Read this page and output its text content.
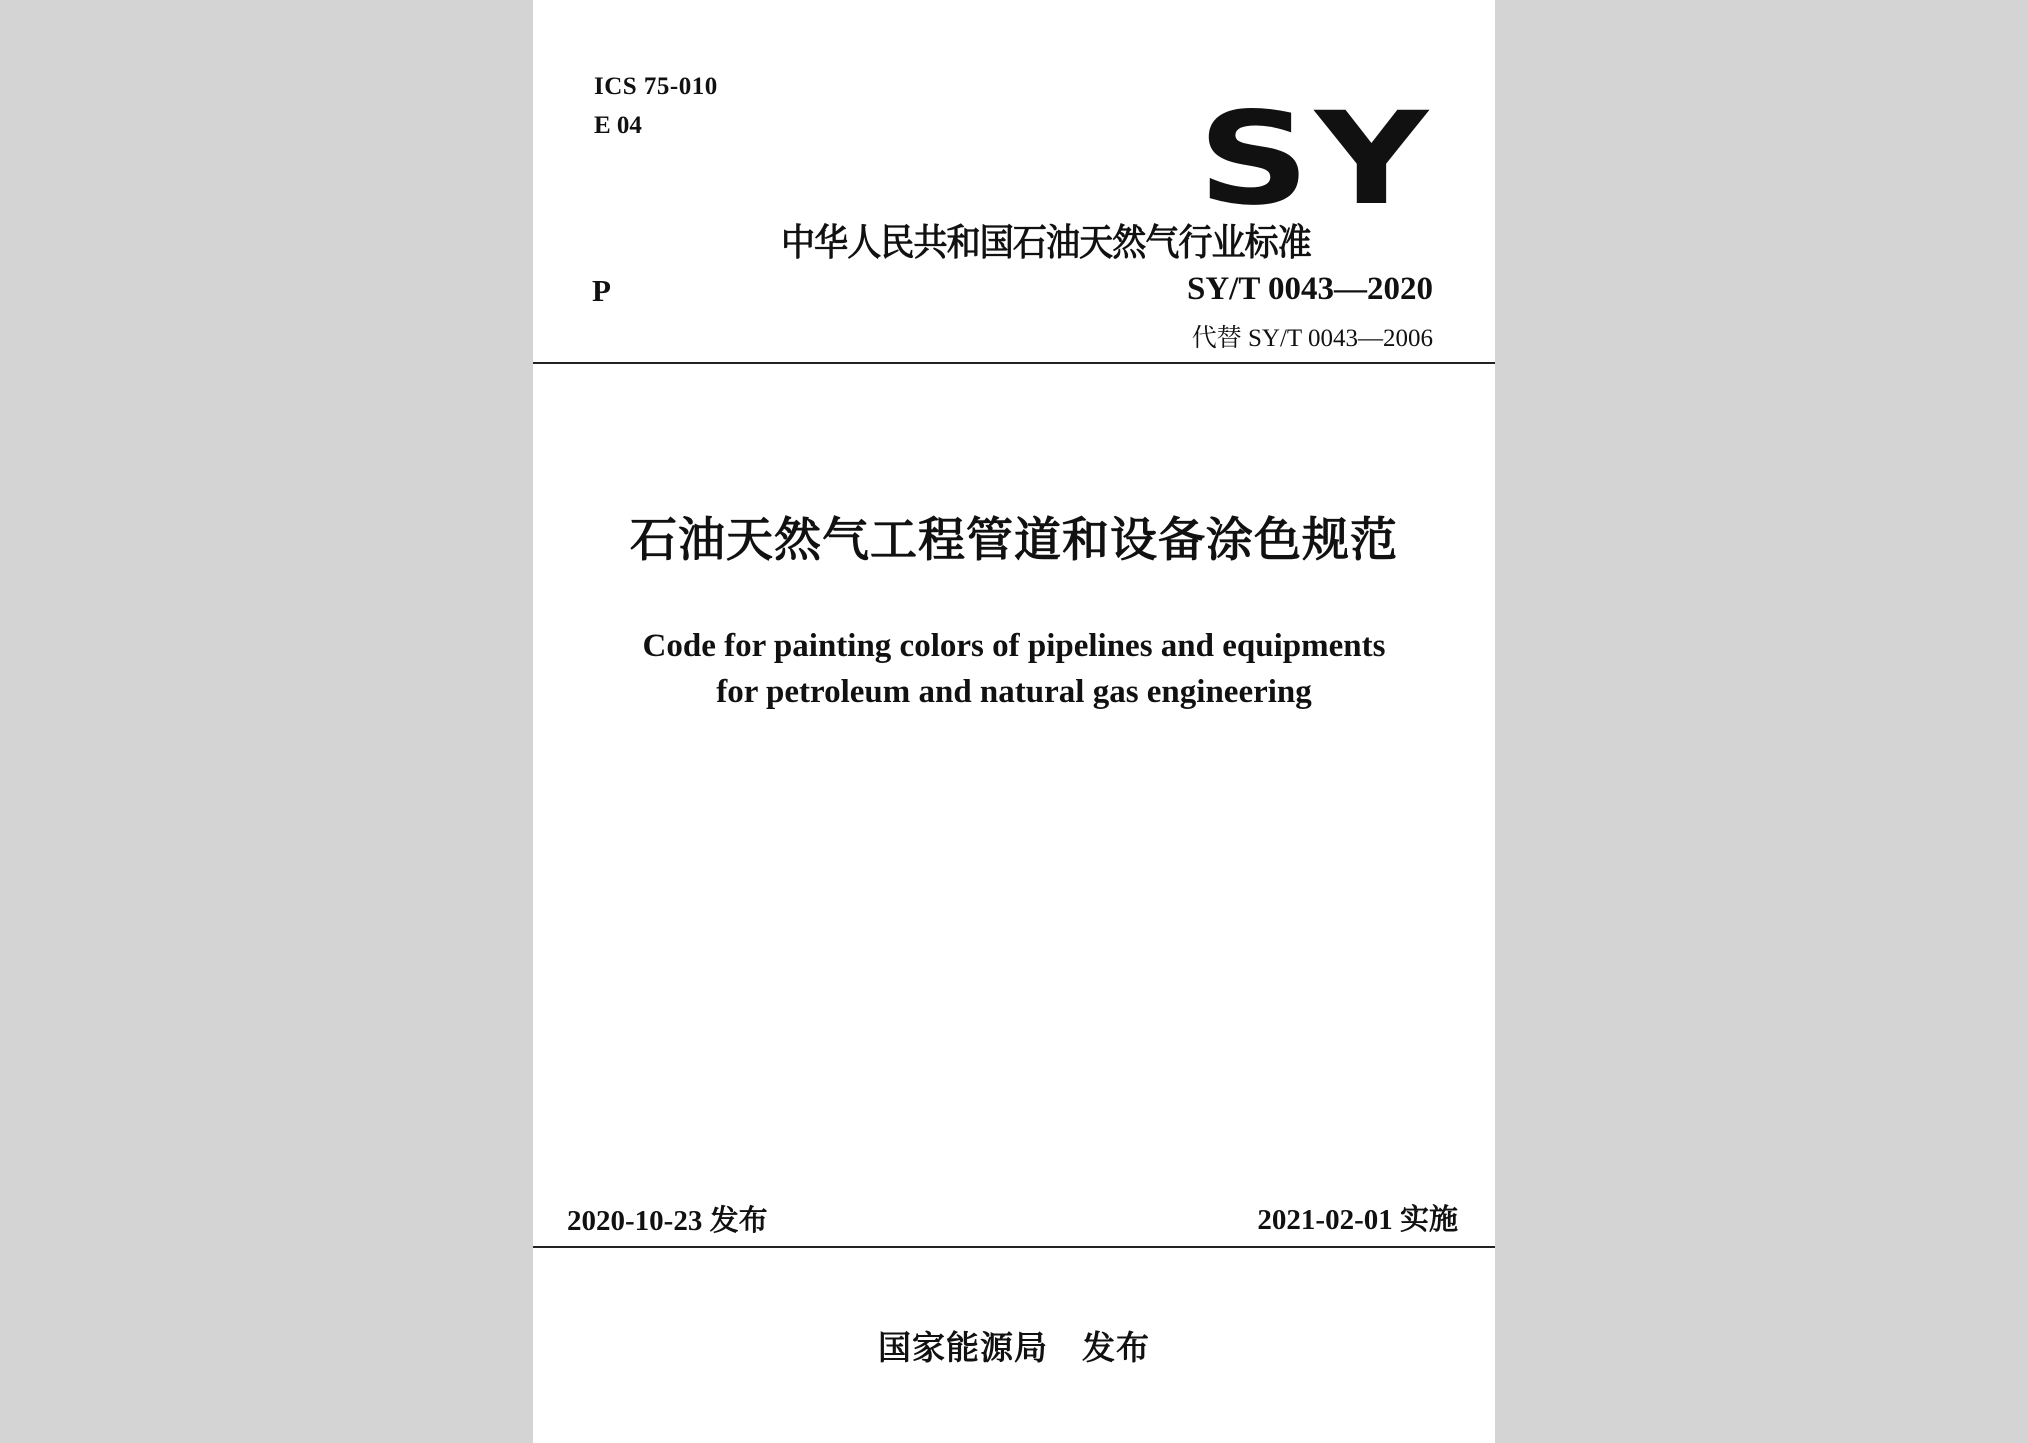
ICS 75-010

E 04	SY

中华人民共和国石油天然气行业标准

P	SY/T 0043—2020

代替 SY/T 0043—2006

石油天然气工程管道和设备涂色规范
Code for painting colors of pipelines and equipments
for petroleum and natural gas engineering

2020-10-23 发布	2021-02-01 实施

国家能源局　发布
